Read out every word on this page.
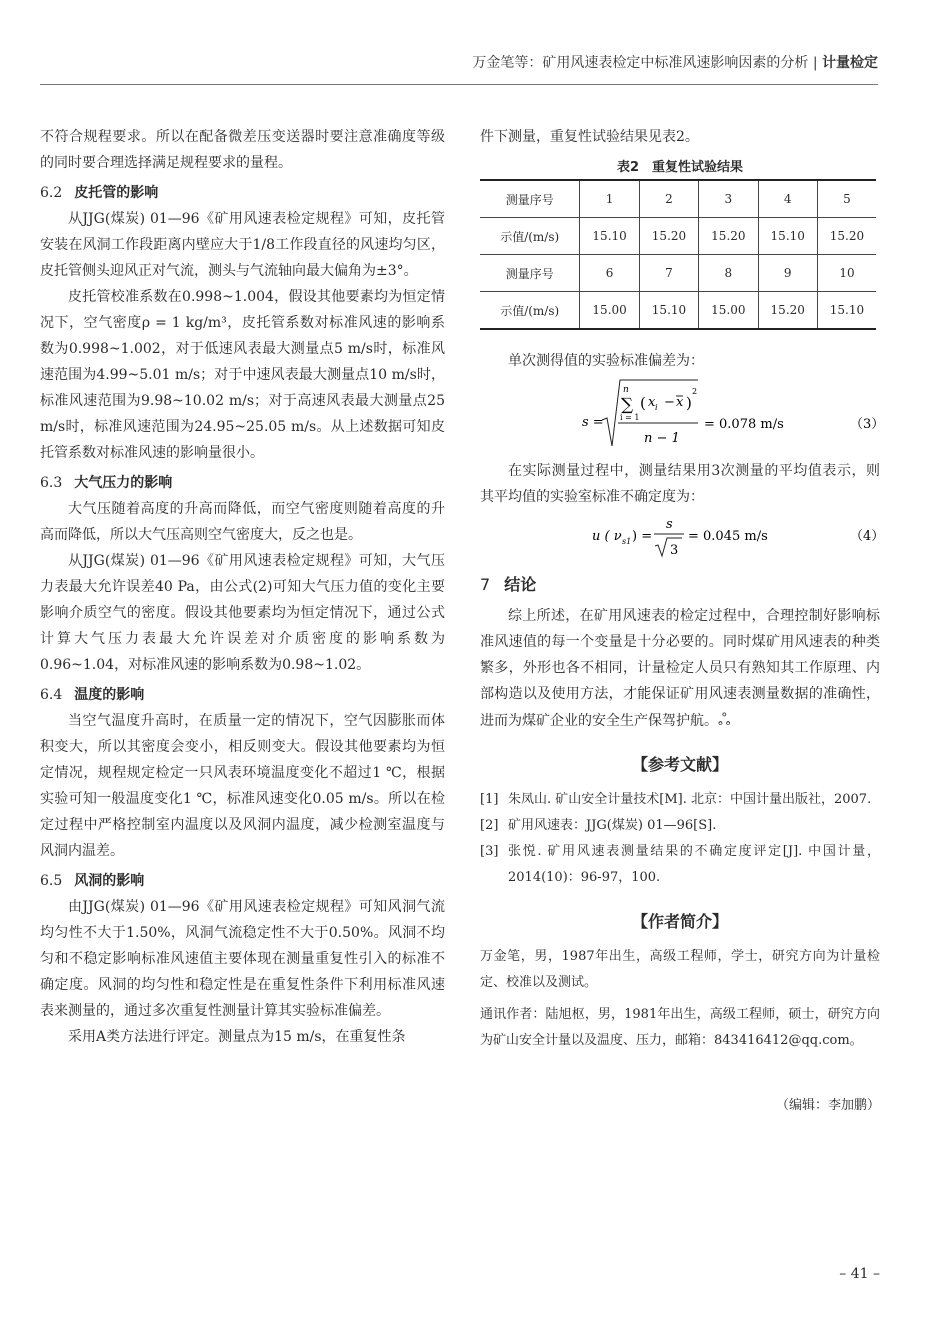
万金笔等：矿用风速表检定中标准风速影响因素的分析 | 计量检定

不符合规程要求。所以在配备微差压变送器时要注意准确度等级的同时要合理选择满足规程要求的量程。

6.2 皮托管的影响

从JJG(煤炭) 01—96《矿用风速表检定规程》可知，皮托管安装在风洞工作段距离内壁应大于1/8工作段直径的风速均匀区，皮托管侧头迎风正对气流，测头与气流轴向最大偏角为±3°。

皮托管校准系数在0.998~1.004，假设其他要素均为恒定情况下，空气密度ρ = 1 kg/m³，皮托管系数对标准风速的影响系数为0.998~1.002，对于低速风表最大测量点5 m/s时，标准风速范围为4.99~5.01 m/s；对于中速风表最大测量点10 m/s时，标准风速范围为9.98~10.02 m/s；对于高速风表最大测量点25 m/s时，标准风速范围为24.95~25.05 m/s。从上述数据可知皮托管系数对标准风速的影响量很小。

6.3 大气压力的影响

大气压随着高度的升高而降低，而空气密度则随着高度的升高而降低，所以大气压高则空气密度大，反之也是。

从JJG(煤炭) 01—96《矿用风速表检定规程》可知，大气压力表最大允许误差40 Pa，由公式(2)可知大气压力值的变化主要影响介质空气的密度。假设其他要素均为恒定情况下，通过公式计算大气压力表最大允许误差对介质密度的影响系数为0.96~1.04，对标准风速的影响系数为0.98~1.02。

6.4 温度的影响

当空气温度升高时，在质量一定的情况下，空气因膨胀而体积变大，所以其密度会变小，相反则变大。假设其他要素均为恒定情况，规程规定检定一只风表环境温度变化不超过1 ℃，根据实验可知一般温度变化1 ℃，标准风速变化0.05 m/s。所以在检定过程中严格控制室内温度以及风洞内温度，减少检测室温度与风洞内温差。

6.5 风洞的影响

由JJG(煤炭) 01—96《矿用风速表检定规程》可知风洞气流均匀性不大于1.50%，风洞气流稳定性不大于0.50%。风洞不均匀和不稳定影响标准风速值主要体现在测量重复性引入的标准不确定度。风洞的均匀性和稳定性是在重复性条件下利用标准风速表来测量的，通过多次重复性测量计算其实验标准偏差。

采用A类方法进行评定。测量点为15 m/s，在重复性条

件下测量，重复性试验结果见表2。

表2　重复性试验结果
测量序号	1	2	3	4	5
示值/(m/s)	15.10	15.20	15.20	15.10	15.20
测量序号	6	7	8	9	10
示值/(m/s)	15.00	15.10	15.00	15.20	15.10

单次测得值的实验标准偏差为：

s =
n
∑
i = 1
( x i − x )
2
n − 1
= 0.078 m/s	（3）

在实际测量过程中，测量结果用3次测量的平均值表示，则其平均值的实验室标准不确定度为：

u ( ν s1 ) =
s
3
= 0.045 m/s	（4）
7 结论

综上所述，在矿用风速表的检定过程中，合理控制好影响标准风速值的每一个变量是十分必要的。同时煤矿用风速表的种类繁多，外形也各不相同，计量检定人员只有熟知其工作原理、内部构造以及使用方法，才能保证矿用风速表测量数据的准确性，进而为煤矿企业的安全生产保驾护航。ஃ

【参考文献】
[1] 朱凤山. 矿山安全计量技术[M]. 北京：中国计量出版社，2007.
[2] 矿用风速表：JJG(煤炭) 01—96[S].
[3] 张悦. 矿用风速表测量结果的不确定度评定[J]. 中国计量，2014(10)：96-97，100.
【作者简介】

万金笔，男，1987年出生，高级工程师，学士，研究方向为计量检定、校准以及测试。

通讯作者：陆旭枢，男，1981年出生，高级工程师，硕士，研究方向为矿山安全计量以及温度、压力，邮箱：843416412@qq.com。

（编辑：李加鹏）
– 41 –
